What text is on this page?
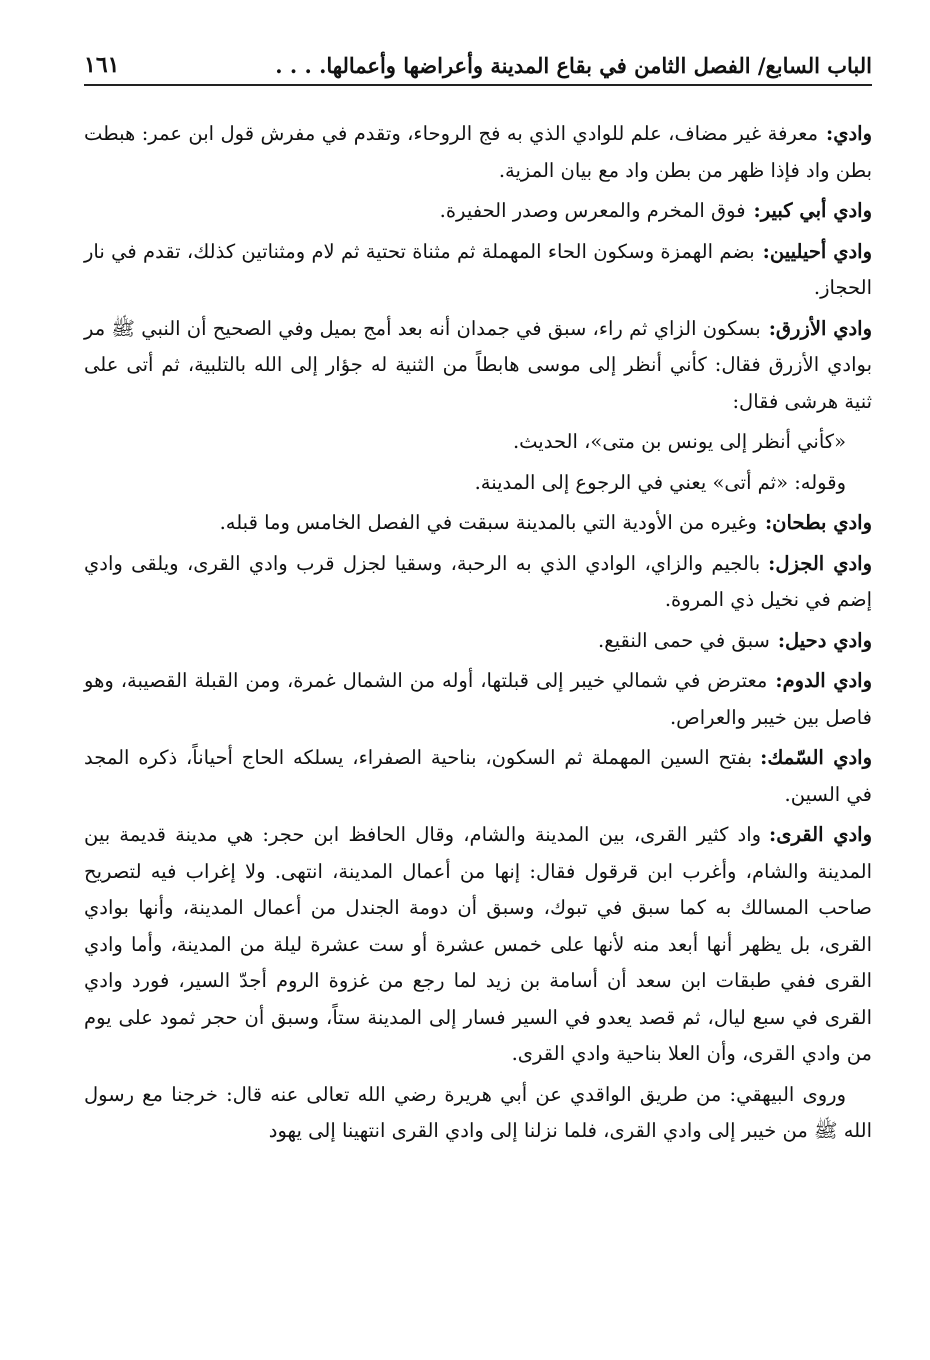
الباب السابع/ الفصل الثامن في بقاع المدينة وأعراضها وأعمالها. . . .
١٦١

وادي:معرفة غير مضاف، علم للوادي الذي به فج الروحاء، وتقدم في مفرش قول ابن عمر: هبطت بطن واد فإذا ظهر من بطن واد مع بيان المزية.

وادي أبي كبير:فوق المخرم والمعرس وصدر الحفيرة.

وادي أحيليين:بضم الهمزة وسكون الحاء المهملة ثم مثناة تحتية ثم لام ومثناتين كذلك، تقدم في نار الحجاز.

وادي الأزرق:بسكون الزاي ثم راء، سبق في جمدان أنه بعد أمج بميل وفي الصحيح أن النبي ﷺ مر بوادي الأزرق فقال: كأني أنظر إلى موسى هابطاً من الثنية له جؤار إلى الله بالتلبية، ثم أتى على ثنية هرشى فقال:

«كأني أنظر إلى يونس بن متى»، الحديث.

وقوله: «ثم أتى» يعني في الرجوع إلى المدينة.

وادي بطحان:وغيره من الأودية التي بالمدينة سبقت في الفصل الخامس وما قبله.

وادي الجزل:بالجيم والزاي، الوادي الذي به الرحبة، وسقيا لجزل قرب وادي القرى، ويلقى وادي إضم في نخيل ذي المروة.

وادي دحيل:سبق في حمى النقيع.

وادي الدوم:معترض في شمالي خيبر إلى قبلتها، أوله من الشمال غمرة، ومن القبلة القصيبة، وهو فاصل بين خيبر والعراص.

وادي السّمك:بفتح السين المهملة ثم السكون، بناحية الصفراء، يسلكه الحاج أحياناً، ذكره المجد في السين.

وادي القرى:واد كثير القرى، بين المدينة والشام، وقال الحافظ ابن حجر: هي مدينة قديمة بين المدينة والشام، وأغرب ابن قرقول فقال: إنها من أعمال المدينة، انتهى. ولا إغراب فيه لتصريح صاحب المسالك به كما سبق في تبوك، وسبق أن دومة الجندل من أعمال المدينة، وأنها بوادي القرى، بل يظهر أنها أبعد منه لأنها على خمس عشرة أو ست عشرة ليلة من المدينة، وأما وادي القرى ففي طبقات ابن سعد أن أسامة بن زيد لما رجع من غزوة الروم أجدّ السير، فورد وادي القرى في سبع ليال، ثم قصد يعدو في السير فسار إلى المدينة ستاً، وسبق أن حجر ثمود على يوم من وادي القرى، وأن العلا بناحية وادي القرى.

وروى البيهقي: من طريق الواقدي عن أبي هريرة رضي الله تعالى عنه قال: خرجنا مع رسول الله ﷺ من خيبر إلى وادي القرى، فلما نزلنا إلى وادي القرى انتهينا إلى يهود
